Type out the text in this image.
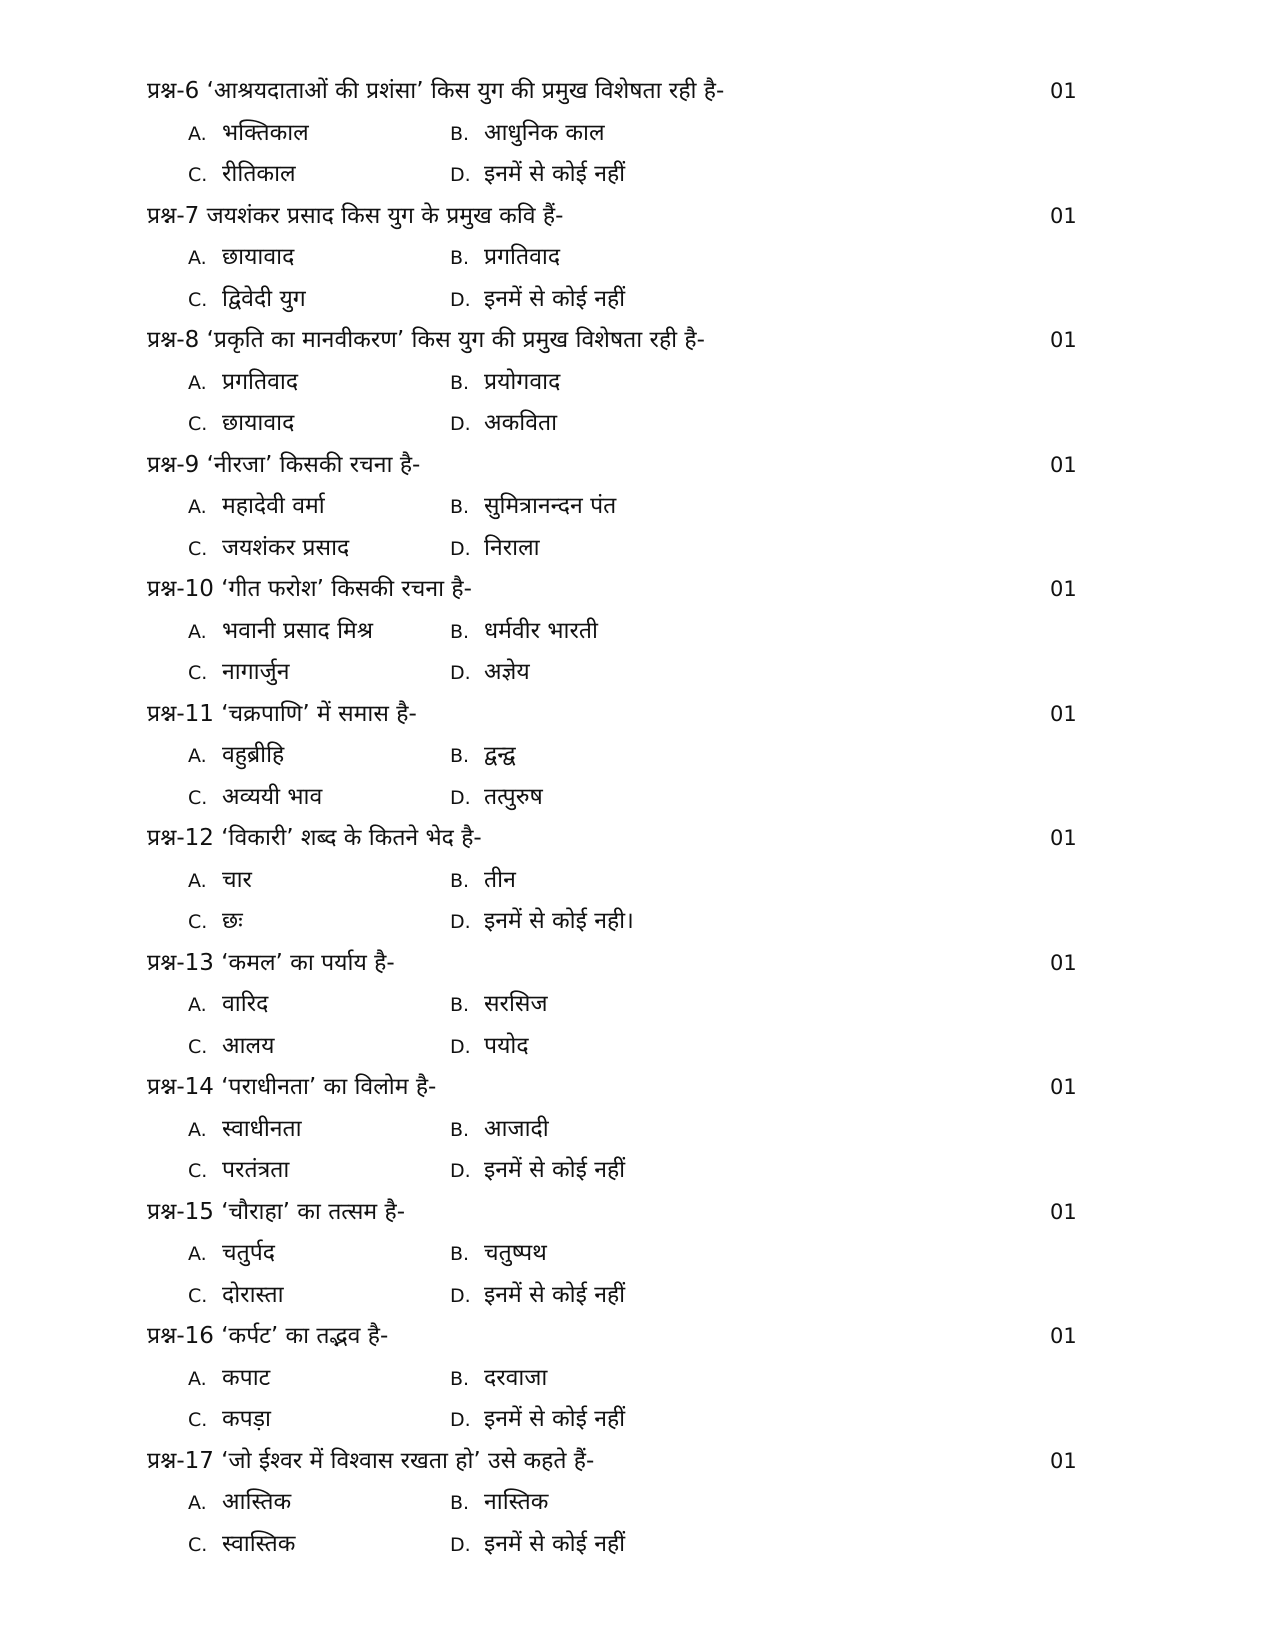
प्रश्न-6 ‘आश्रयदाताओं की प्रशंसा’ किस युग की प्रमुख विशेषता रही है-	01
A. भक्तिकाल	B. आधुनिक काल
C. रीतिकाल	D. इनमें से कोई नहीं
प्रश्न-7 जयशंकर प्रसाद किस युग के प्रमुख कवि हैं-	01
A. छायावाद	B. प्रगतिवाद
C. द्विवेदी युग	D. इनमें से कोई नहीं
प्रश्न-8 ‘प्रकृति का मानवीकरण’ किस युग की प्रमुख विशेषता रही है-	01
A. प्रगतिवाद	B. प्रयोगवाद
C. छायावाद	D. अकविता
प्रश्न-9 ‘नीरजा’ किसकी रचना है-	01
A. महादेवी वर्मा	B. सुमित्रानन्दन पंत
C. जयशंकर प्रसाद	D. निराला
प्रश्न-10 ‘गीत फरोश’ किसकी रचना है-	01
A. भवानी प्रसाद मिश्र	B. धर्मवीर भारती
C. नागार्जुन	D. अज्ञेय
प्रश्न-11 ‘चक्रपाणि’ में समास है-	01
A. वहुब्रीहि	B. द्वन्द्व
C. अव्ययी भाव	D. तत्पुरुष
प्रश्न-12 ‘विकारी’ शब्द के कितने भेद है-	01
A. चार	B. तीन
C. छः	D. इनमें से कोई नही।
प्रश्न-13 ‘कमल’ का पर्याय है-	01
A. वारिद	B. सरसिज
C. आलय	D. पयोद
प्रश्न-14 ‘पराधीनता’ का विलोम है-	01
A. स्वाधीनता	B. आजादी
C. परतंत्रता	D. इनमें से कोई नहीं
प्रश्न-15 ‘चौराहा’ का तत्सम है-	01
A. चतुर्पद	B. चतुष्पथ
C. दोरास्ता	D. इनमें से कोई नहीं
प्रश्न-16 ‘कर्पट’ का तद्भव है-	01
A. कपाट	B. दरवाजा
C. कपड़ा	D. इनमें से कोई नहीं
प्रश्न-17 ‘जो ईश्वर में विश्वास रखता हो’ उसे कहते हैं-	01
A. आस्तिक	B. नास्तिक
C. स्वास्तिक	D. इनमें से कोई नहीं
